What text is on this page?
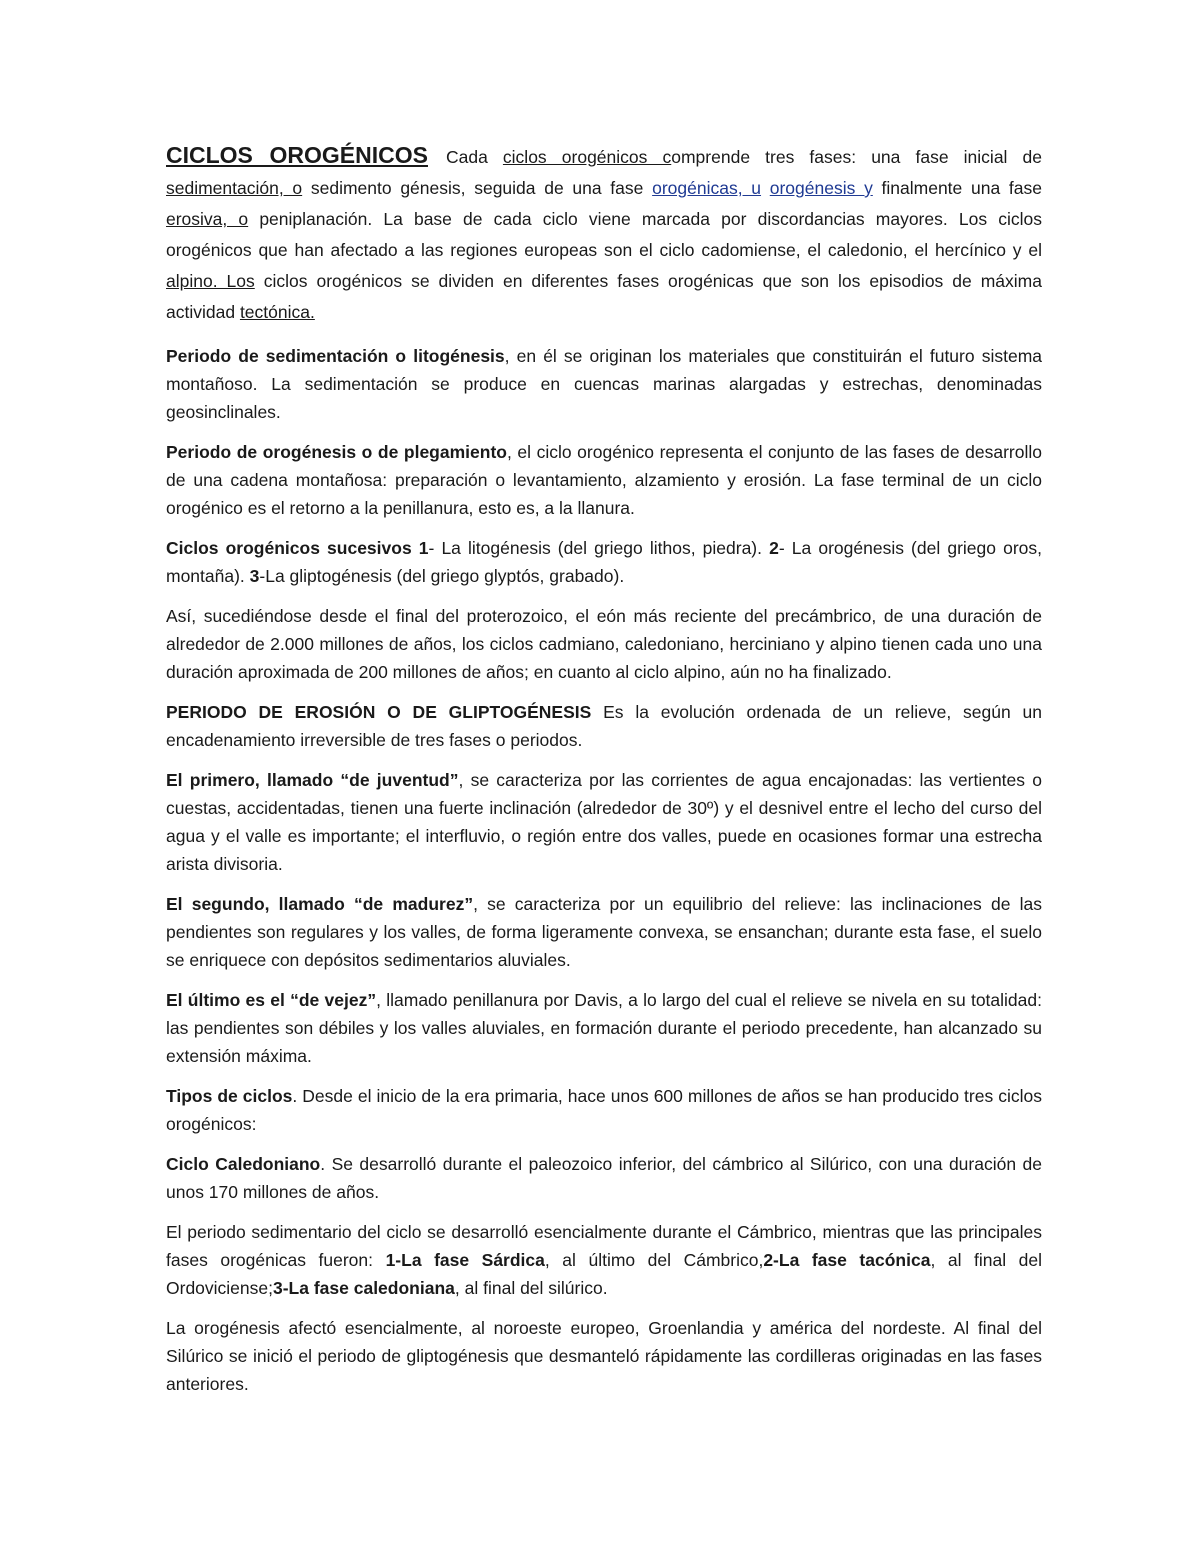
CICLOS OROGÉNICOS Cada ciclos orogénicos comprende tres fases: una fase inicial de sedimentación, o sedimento génesis, seguida de una fase orogénicas, u orogénesis y finalmente una fase erosiva, o peniplanación. La base de cada ciclo viene marcada por discordancias mayores. Los ciclos orogénicos que han afectado a las regiones europeas son el ciclo cadomiense, el caledonio, el hercínico y el alpino. Los ciclos orogénicos se dividen en diferentes fases orogénicas que son los episodios de máxima actividad tectónica.

Periodo de sedimentación o litogénesis, en él se originan los materiales que constituirán el futuro sistema montañoso. La sedimentación se produce en cuencas marinas alargadas y estrechas, denominadas geosinclinales.

Periodo de orogénesis o de plegamiento, el ciclo orogénico representa el conjunto de las fases de desarrollo de una cadena montañosa: preparación o levantamiento, alzamiento y erosión. La fase terminal de un ciclo orogénico es el retorno a la penillanura, esto es, a la llanura.

Ciclos orogénicos sucesivos 1- La litogénesis (del griego lithos, piedra). 2- La orogénesis (del griego oros, montaña). 3-La gliptogénesis (del griego glyptós, grabado).

Así, sucediéndose desde el final del proterozoico, el eón más reciente del precámbrico, de una duración de alrededor de 2.000 millones de años, los ciclos cadmiano, caledoniano, herciniano y alpino tienen cada uno una duración aproximada de 200 millones de años; en cuanto al ciclo alpino, aún no ha finalizado.

PERIODO DE EROSIÓN O DE GLIPTOGÉNESIS Es la evolución ordenada de un relieve, según un encadenamiento irreversible de tres fases o periodos.

El primero, llamado “de juventud”, se caracteriza por las corrientes de agua encajonadas: las vertientes o cuestas, accidentadas, tienen una fuerte inclinación (alrededor de 30º) y el desnivel entre el lecho del curso del agua y el valle es importante; el interfluvio, o región entre dos valles, puede en ocasiones formar una estrecha arista divisoria.

El segundo, llamado “de madurez”, se caracteriza por un equilibrio del relieve: las inclinaciones de las pendientes son regulares y los valles, de forma ligeramente convexa, se ensanchan; durante esta fase, el suelo se enriquece con depósitos sedimentarios aluviales.

El último es el “de vejez”, llamado penillanura por Davis, a lo largo del cual el relieve se nivela en su totalidad: las pendientes son débiles y los valles aluviales, en formación durante el periodo precedente, han alcanzado su extensión máxima.

Tipos de ciclos. Desde el inicio de la era primaria, hace unos 600 millones de años se han producido tres ciclos orogénicos:

Ciclo Caledoniano. Se desarrolló durante el paleozoico inferior, del cámbrico al Silúrico, con una duración de unos 170 millones de años.

El periodo sedimentario del ciclo se desarrolló esencialmente durante el Cámbrico, mientras que las principales fases orogénicas fueron: 1-La fase Sárdica, al último del Cámbrico,2-La fase tacónica, al final del Ordoviciense;3-La fase caledoniana, al final del silúrico.

La orogénesis afectó esencialmente, al noroeste europeo, Groenlandia y américa del nordeste. Al final del Silúrico se inició el periodo de gliptogénesis que desmanteló rápidamente las cordilleras originadas en las fases anteriores.
